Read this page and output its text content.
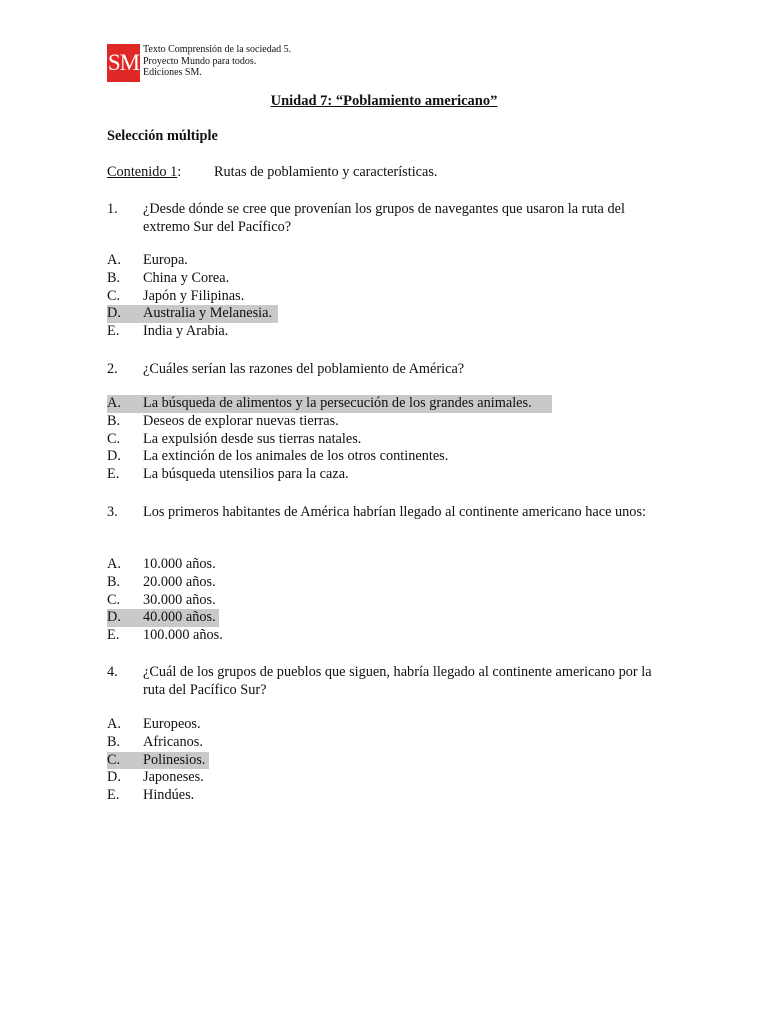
SM
Texto Comprensión de la sociedad 5.
Proyecto Mundo para todos.
Ediciones SM.
Unidad 7: “Poblamiento americano”
Selección múltiple
Contenido 1: Rutas de poblamiento y características.
1. ¿Desde dónde se cree que provenían los grupos de navegantes que usaron la ruta del extremo Sur del Pacífico?
A. Europa.
B. China y Corea.
C. Japón y Filipinas.
D. Australia y Melanesia.
E. India y Arabia.
2. ¿Cuáles serían las razones del poblamiento de América?
A. La búsqueda de alimentos y la persecución de los grandes animales.
B. Deseos de explorar nuevas tierras.
C. La expulsión desde sus tierras natales.
D. La extinción de los animales de los otros continentes.
E. La búsqueda utensilios para la caza.
3. Los primeros habitantes de América habrían llegado al continente americano hace unos:
A. 10.000 años.
B. 20.000 años.
C. 30.000 años.
D. 40.000 años.
E. 100.000 años.
4. ¿Cuál de los grupos de pueblos que siguen, habría llegado al continente americano por la ruta del Pacífico Sur?
A. Europeos.
B. Africanos.
C. Polinesios.
D. Japoneses.
E. Hindúes.
